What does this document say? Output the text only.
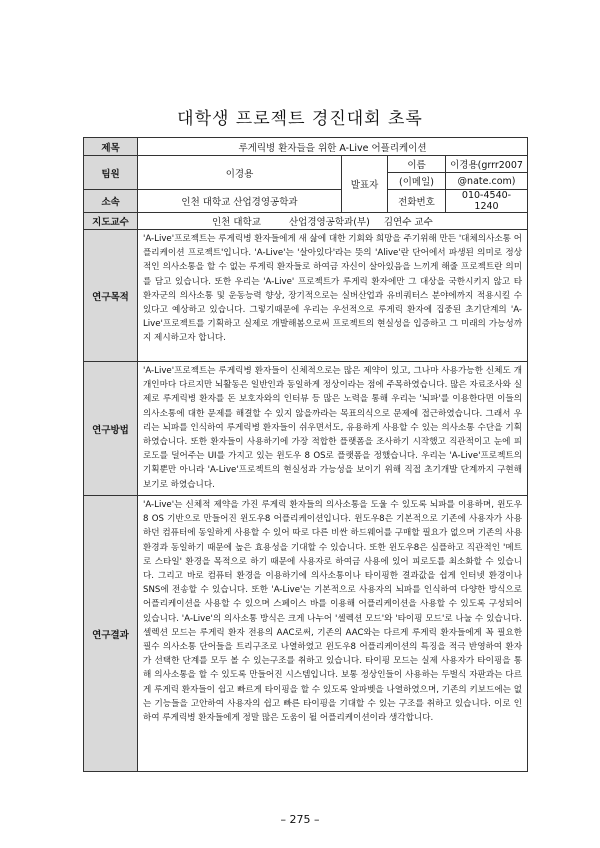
대학생 프로젝트 경진대회 초록
제목	루게릭병 환자들을 위한 A-Live 어플리케이션			
팀원	이경용	발표자	이름	이경용(grrr2007
			(이메일)	@nate.com)
소속	인천 대학교 산업경영공학과		전화번호	010-4540-1240
지도교수	인천 대학교 산업경영공학과(부) 김연수 교수			
연구목적	'A-Live'프로젝트는 루게릭병 환자들에게 새 삶에 대한 기회와 희망을 주기위해 만든 '대체의사소통 어플리케이션 프로젝트'입니다. 'A-Live'는 '살아있다'라는 뜻의 'Alive'란 단어에서 파생된 의미로 정상적인 의사소통을 할 수 없는 루게릭 환자들로 하여금 자신이 살아있음을 느끼게 해줄 프로젝트란 의미를 담고 있습니다. 또한 우리는 'A-Live' 프로젝트가 루게릭 환자에만 그 대상을 국한시키지 않고 타 환자군의 의사소통 및 운동능력 향상, 장기적으로는 실버산업과 유비쿼터스 분야에까지 적용시킬 수 있다고 예상하고 있습니다. 그렇기때문에 우리는 우선적으로 루게릭 환자에 집중된 초기단계의 'A-Live'프로젝트를 기획하고 실제로 개발해봄으로써 프로젝트의 현실성을 입증하고 그 미래의 가능성까지 제시하고자 합니다.			
연구방법	'A-Live'프로젝트는 루게릭병 환자들이 신체적으로는 많은 제약이 있고, 그나마 사용가능한 신체도 개개인마다 다르지만 뇌활동은 일반인과 동일하게 정상이라는 점에 주목하였습니다. 많은 자료조사와 실제로 루게릭병 환자를 돈 보호자와의 인터뷰 등 많은 노력을 통해 우리는 '뇌파'를 이용한다면 이들의 의사소통에 대한 문제를 해결할 수 있지 않을까라는 목표의식으로 문제에 접근하였습니다. 그래서 우리는 뇌파를 인식하여 루게릭병 환자들이 쉬우면서도, 유용하게 사용할 수 있는 의사소통 수단을 기획하였습니다. 또한 환자들이 사용하기에 가장 적합한 플랫폼을 조사하기 시작했고 직관적이고 눈에 피로도를 덜어주는 UI를 가지고 있는 윈도우 8 OS로 플랫폼을 정했습니다. 우리는 'A-Live'프로젝트의 기획뿐만 아니라 'A-Live'프로젝트의 현실성과 가능성을 보이기 위해 직접 초기개발 단계까지 구현해보기로 하였습니다.			
연구결과	'A-Live'는 신체적 제약을 가진 루게릭 환자들의 의사소통을 도울 수 있도록 뇌파를 이용하며, 윈도우8 OS 기반으로 만들어진 윈도우8 어플리케이션입니다. 윈도우8은 기본적으로 기존에 사용자가 사용하던 컴퓨터에 동일하게 사용할 수 있어 따로 다른 비싼 하드웨어를 구매할 필요가 없으며 기존의 사용 환경과 동일하기 때문에 높은 효용성을 기대할 수 있습니다. 또한 윈도우8은 심플하고 직관적인 '메트로 스타일' 환경을 목적으로 하기 때문에 사용자로 하여금 사용에 있어 피로도를 최소화할 수 있습니다. 그리고 바로 컴퓨터 환경을 이용하기에 의사소통이나 타이핑한 결과값을 쉽게 인터넷 환경이나 SNS에 전송할 수 있습니다. 또한 'A-Live'는 기본적으로 사용자의 뇌파를 인식하여 다양한 방식으로 어플리케이션을 사용할 수 있으며 스페이스 바를 이용해 어플리케이션을 사용할 수 있도록 구성되어 있습니다. 'A-Live'의 의사소통 방식은 크게 나누어 '셀렉션 모드'와 '타이핑 모드'로 나눌 수 있습니다. 셀렉션 모드는 루게릭 환자 전용의 AAC로써, 기존의 AAC와는 다르게 루게릭 환자들에게 꼭 필요한 필수 의사소통 단어들을 트리구조로 나열하였고 윈도우8 어플리케이션의 특징을 적극 반영하여 환자가 선택한 단계를 모두 볼 수 있는구조를 취하고 있습니다. 타이핑 모드는 실제 사용자가 타이핑을 통해 의사소통을 할 수 있도록 만들어진 시스템입니다. 보통 정상인들이 사용하는 두벌식 자판과는 다르게 루게릭 환자들이 쉽고 빠르게 타이핑을 할 수 있도록 알파벳을 나열하였으며, 기존의 키보드에는 없는 기능들을 고안하여 사용자의 쉽고 빠른 타이핑을 기대할 수 있는 구조를 취하고 있습니다. 이로 인하여 루게릭병 환자들에게 정말 많은 도움이 될 어플리케이션이라 생각합니다.			
– 275 –
